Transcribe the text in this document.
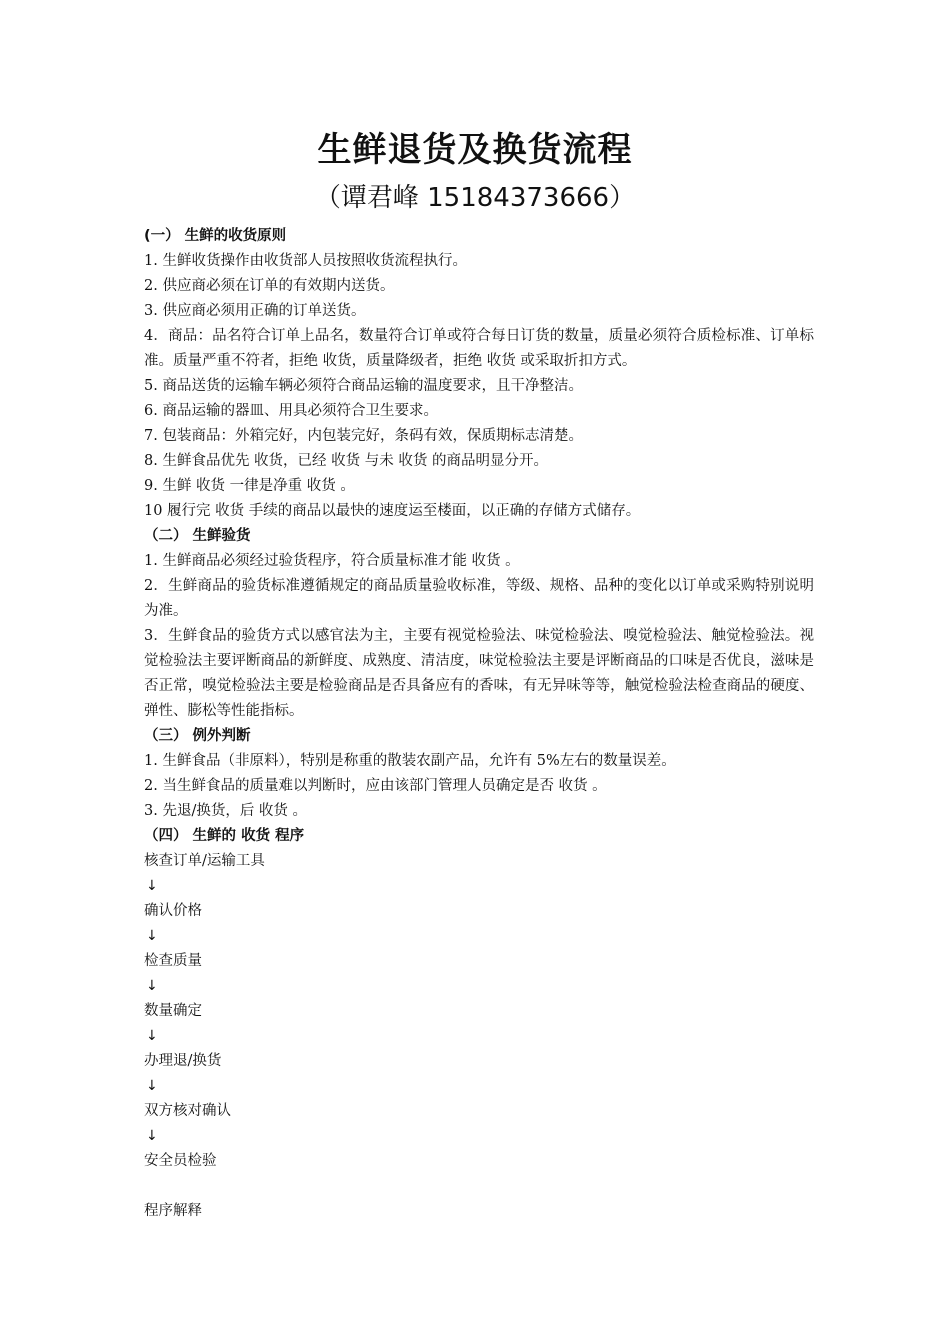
生鲜退货及换货流程
（谭君峰 15184373666）
(一） 生鲜的收货原则
1. 生鲜收货操作由收货部人员按照收货流程执行。
2. 供应商必须在订单的有效期内送货。
3. 供应商必须用正确的订单送货。
4．商品：品名符合订单上品名，数量符合订单或符合每日订货的数量，质量必须符合质检标准、订单标准。质量严重不符者，拒绝 收货，质量降级者，拒绝 收货 或采取折扣方式。
5. 商品送货的运输车辆必须符合商品运输的温度要求，且干净整洁。
6. 商品运输的器皿、用具必须符合卫生要求。
7. 包装商品：外箱完好，内包装完好，条码有效，保质期标志清楚。
8. 生鲜食品优先 收货，已经 收货 与未 收货 的商品明显分开。
9. 生鲜 收货 一律是净重 收货 。
10 履行完 收货 手续的商品以最快的速度运至楼面，以正确的存储方式储存。
（二） 生鲜验货
1. 生鲜商品必须经过验货程序，符合质量标准才能 收货 。
2．生鲜商品的验货标准遵循规定的商品质量验收标准，等级、规格、品种的变化以订单或采购特别说明为准。
3．生鲜食品的验货方式以感官法为主，主要有视觉检验法、味觉检验法、嗅觉检验法、触觉检验法。视觉检验法主要评断商品的新鲜度、成熟度、清洁度，味觉检验法主要是评断商品的口味是否优良，滋味是否正常，嗅觉检验法主要是检验商品是否具备应有的香味，有无异味等等，触觉检验法检查商品的硬度、弹性、膨松等性能指标。
（三） 例外判断
1. 生鲜食品（非原料），特别是称重的散装农副产品，允许有 5%左右的数量误差。
2. 当生鲜食品的质量难以判断时，应由该部门管理人员确定是否 收货 。
3. 先退/换货，后 收货 。
（四） 生鲜的 收货 程序
核查订单/运输工具
↓
确认价格
↓
检查质量
↓
数量确定
↓
办理退/换货
↓
双方核对确认
↓
安全员检验
程序解释
